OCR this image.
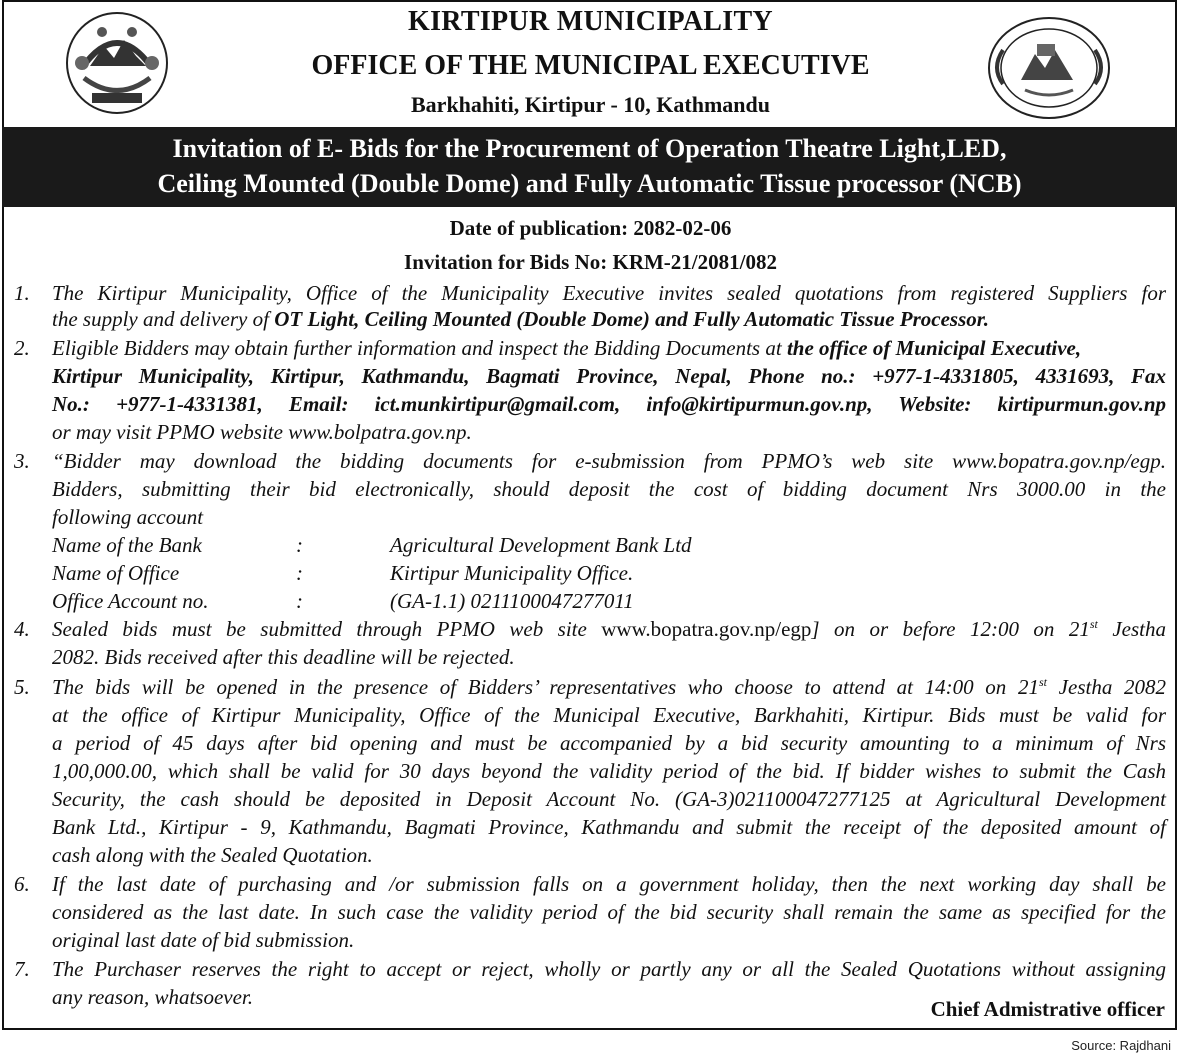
KIRTIPUR MUNICIPALITY
OFFICE OF THE MUNICIPAL EXECUTIVE
Barkhahiti, Kirtipur - 10, Kathmandu
Invitation of E- Bids for the Procurement of Operation Theatre Light,LED,
Ceiling Mounted (Double Dome) and Fully Automatic Tissue processor (NCB)
Date of publication: 2082-02-06
Invitation for Bids No: KRM-21/2081/082
1. The Kirtipur Municipality, Office of the Municipality Executive invites sealed quotations from registered Suppliers for
the supply and delivery of OT Light, Ceiling Mounted (Double Dome) and Fully Automatic Tissue Processor.
2. Eligible Bidders may obtain further information and inspect the Bidding Documents at the office of Municipal Executive,
Kirtipur Municipality, Kirtipur, Kathmandu, Bagmati Province, Nepal, Phone no.: +977-1-4331805, 4331693, Fax
No.: +977-1-4331381, Email: ict.munkirtipur@gmail.com, info@kirtipurmun.gov.np, Website: kirtipurmun.gov.np
or may visit PPMO website www.bolpatra.gov.np.
3. “Bidder may download the bidding documents for e-submission from PPMO’s web site www.bopatra.gov.np/egp.
Bidders, submitting their bid electronically, should deposit the cost of bidding document Nrs 3000.00 in the
following account
Name of the Bank	:	Agricultural Development Bank Ltd
Name of Office	:	Kirtipur Municipality Office.
Office Account no.	:	(GA-1.1) 0211100047277011
4. Sealed bids must be submitted through PPMO web site www.bopatra.gov.np/egp] on or before 12:00 on 21st Jestha
2082. Bids received after this deadline will be rejected.
5. The bids will be opened in the presence of Bidders’ representatives who choose to attend at 14:00 on 21st Jestha 2082
at the office of Kirtipur Municipality, Office of the Municipal Executive, Barkhahiti, Kirtipur. Bids must be valid for
a period of 45 days after bid opening and must be accompanied by a bid security amounting to a minimum of Nrs
1,00,000.00, which shall be valid for 30 days beyond the validity period of the bid. If bidder wishes to submit the Cash
Security, the cash should be deposited in Deposit Account No. (GA-3)021100047277125 at Agricultural Development
Bank Ltd., Kirtipur - 9, Kathmandu, Bagmati Province, Kathmandu and submit the receipt of the deposited amount of
cash along with the Sealed Quotation.
6. If the last date of purchasing and /or submission falls on a government holiday, then the next working day shall be
considered as the last date. In such case the validity period of the bid security shall remain the same as specified for the
original last date of bid submission.
7. The Purchaser reserves the right to accept or reject, wholly or partly any or all the Sealed Quotations without assigning
any reason, whatsoever.	Chief Admistrative officer
Source: Rajdhani
